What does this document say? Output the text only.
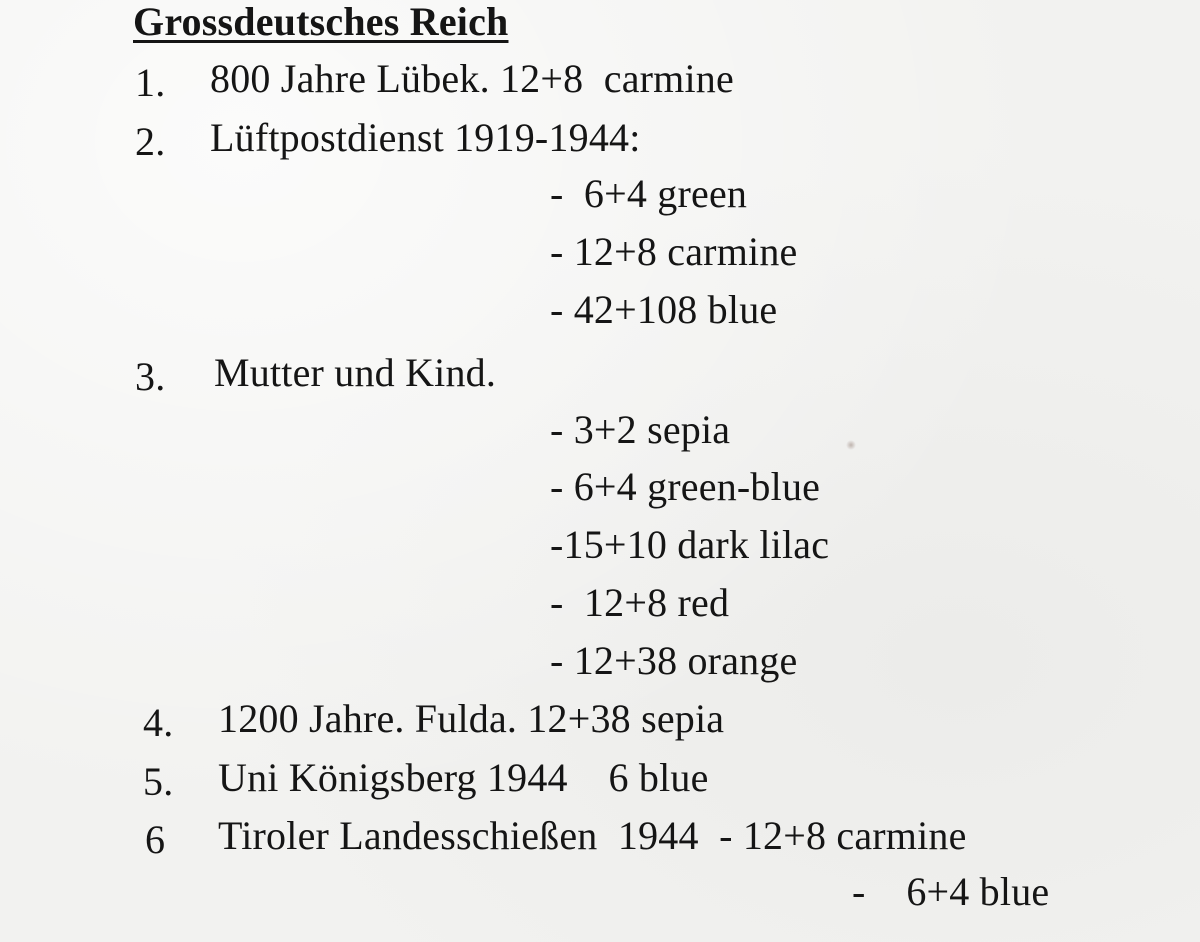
Grossdeutsches Reich
1. 800 Jahre Lübek. 12+8  carmine
2. Lüftpostdienst 1919-1944:
-  6+4 green
- 12+8 carmine
- 42+108 blue
3. Mutter und Kind.
- 3+2 sepia
- 6+4 green-blue
-15+10 dark lilac
-  12+8 red
- 12+38 orange
4. 1200 Jahre. Fulda. 12+38 sepia
5. Uni Königsberg 1944    6 blue
6 Tiroler Landesschießen  1944  - 12+8 carmine
-    6+4 blue
